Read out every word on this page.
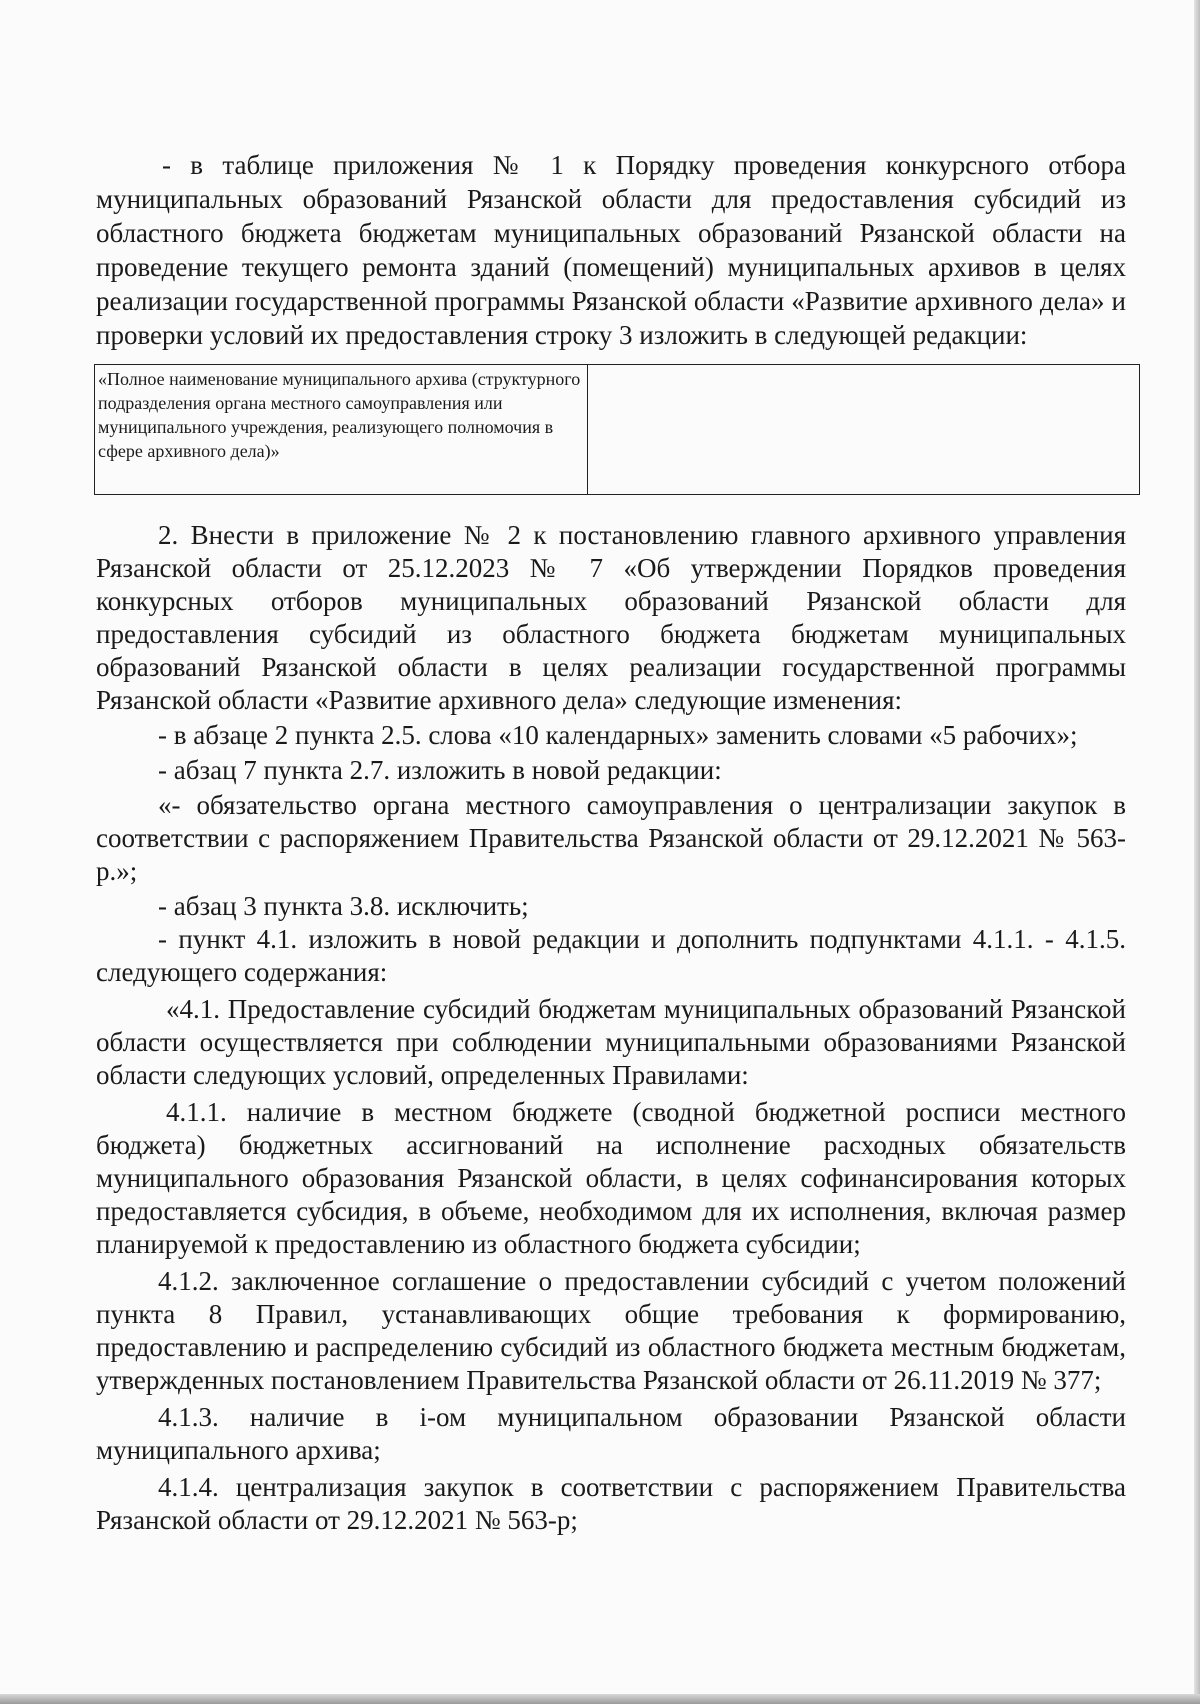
- в таблице приложения № 1 к Порядку проведения конкурсного отбора муниципальных образований Рязанской области для предоставления субсидий из областного бюджета бюджетам муниципальных образований Рязанской области на проведение текущего ремонта зданий (помещений) муниципальных архивов в целях реализации государственной программы Рязанской области «Развитие архивного дела» и проверки условий их предоставления строку 3 изложить в следующей редакции:

«Полное наименование муниципального архива (структурного подразделения органа местного самоуправления или муниципального учреждения, реализующего полномочия в сфере архивного дела)»	

2. Внести в приложение № 2 к постановлению главного архивного управления Рязанской области от 25.12.2023 № 7 «Об утверждении Порядков проведения конкурсных отборов муниципальных образований Рязанской области для предоставления субсидий из областного бюджета бюджетам муниципальных образований Рязанской области в целях реализации государственной программы Рязанской области «Развитие архивного дела» следующие изменения:

- в абзаце 2 пункта 2.5. слова «10 календарных» заменить словами «5 рабочих»;

- абзац 7 пункта 2.7. изложить в новой редакции:

«- обязательство органа местного самоуправления о централизации закупок в соответствии с распоряжением Правительства Рязанской области от 29.12.2021 № 563-р.»;

- абзац 3 пункта 3.8. исключить;

- пункт 4.1. изложить в новой редакции и дополнить подпунктами 4.1.1. - 4.1.5. следующего содержания:

«4.1. Предоставление субсидий бюджетам муниципальных образований Рязанской области осуществляется при соблюдении муниципальными образованиями Рязанской области следующих условий, определенных Правилами:

4.1.1. наличие в местном бюджете (сводной бюджетной росписи местного бюджета) бюджетных ассигнований на исполнение расходных обязательств муниципального образования Рязанской области, в целях софинансирования которых предоставляется субсидия, в объеме, необходимом для их исполнения, включая размер планируемой к предоставлению из областного бюджета субсидии;

4.1.2. заключенное соглашение о предоставлении субсидий с учетом положений пункта 8 Правил, устанавливающих общие требования к формированию, предоставлению и распределению субсидий из областного бюджета местным бюджетам, утвержденных постановлением Правительства Рязанской области от 26.11.2019 № 377;

4.1.3. наличие в i-ом муниципальном образовании Рязанской области муниципального архива;

4.1.4. централизация закупок в соответствии с распоряжением Правительства Рязанской области от 29.12.2021 № 563-р;
